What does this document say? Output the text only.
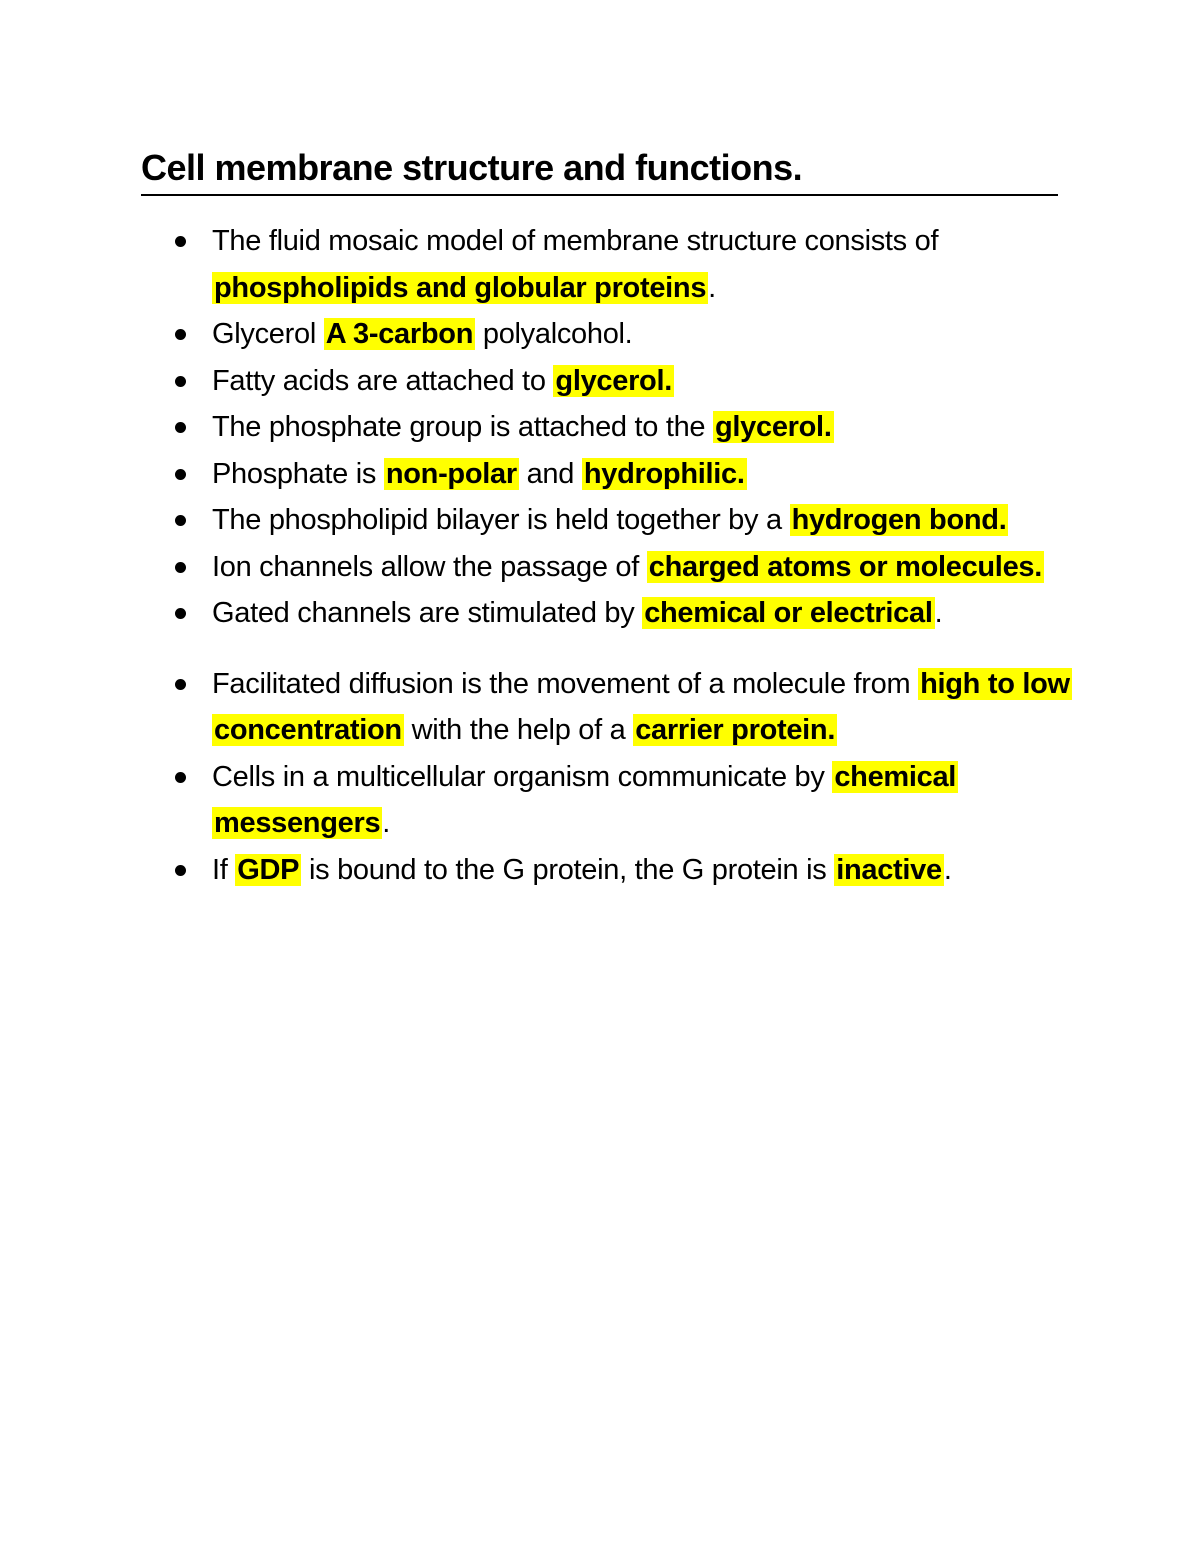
Cell membrane structure and functions.
The fluid mosaic model of membrane structure consists of phospholipids and globular proteins.
Glycerol A 3-carbon polyalcohol.
Fatty acids are attached to glycerol.
The phosphate group is attached to the glycerol.
Phosphate is non-polar and hydrophilic.
The phospholipid bilayer is held together by a hydrogen bond.
Ion channels allow the passage of charged atoms or molecules.
Gated channels are stimulated by chemical or electrical.
Facilitated diffusion is the movement of a molecule from high to low concentration with the help of a carrier protein.
Cells in a multicellular organism communicate by chemical messengers.
If GDP is bound to the G protein, the G protein is inactive.
